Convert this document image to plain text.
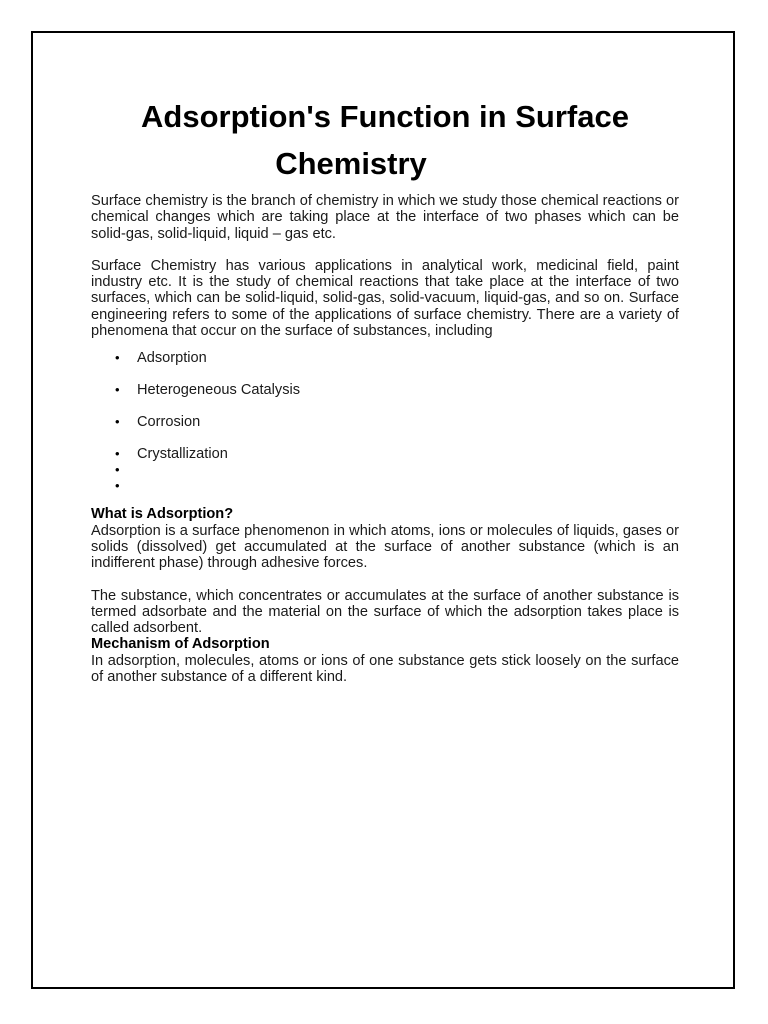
Adsorption's Function in Surface
Chemistry

Surface chemistry is the branch of chemistry in which we study those chemical reactions or chemical changes which are taking place at the interface of two phases which can be solid-gas, solid-liquid, liquid – gas etc.

Surface Chemistry has various applications in analytical work, medicinal field, paint industry etc. It is the study of chemical reactions that take place at the interface of two surfaces, which can be solid-liquid, solid-gas, solid-vacuum, liquid-gas, and so on. Surface engineering refers to some of the applications of surface chemistry. There are a variety of phenomena that occur on the surface of substances, including

• Adsorption
• Heterogeneous Catalysis
• Corrosion
• Crystallization
•
•
What is Adsorption?

Adsorption is a surface phenomenon in which atoms, ions or molecules of liquids, gases or solids (dissolved) get accumulated at the surface of another substance (which is an indifferent phase) through adhesive forces.

The substance, which concentrates or accumulates at the surface of another substance is termed adsorbate and the material on the surface of which the adsorption takes place is called adsorbent.

Mechanism of Adsorption

In adsorption, molecules, atoms or ions of one substance gets stick loosely on the surface of another substance of a different kind.
